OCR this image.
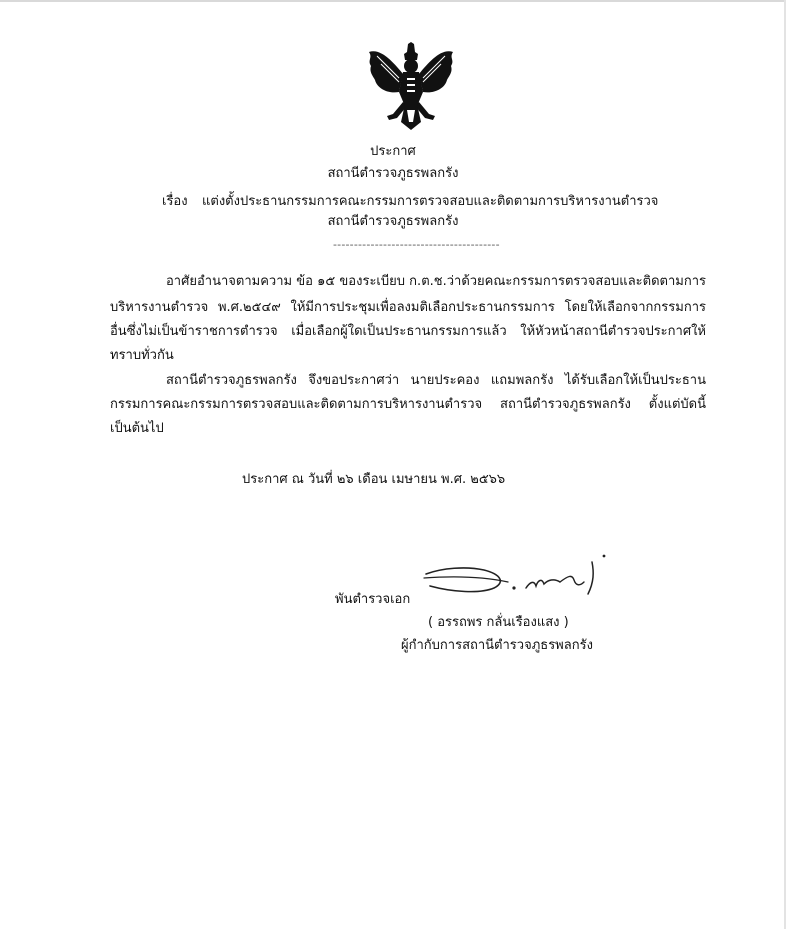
ประกาศ
สถานีตำรวจภูธรพลกรัง
เรื่อง แต่งตั้งประธานกรรมการคณะกรรมการตรวจสอบและติดตามการบริหารงานตำรวจ
สถานีตำรวจภูธรพลกรัง
----------------------------------------
อาศัยอำนาจตามความ ข้อ ๑๕ ของระเบียบ ก.ต.ช.ว่าด้วยคณะกรรมการตรวจสอบและติดตามการ
บริหารงานตำรวจ พ.ศ.๒๕๔๙ ให้มีการประชุมเพื่อลงมติเลือกประธานกรรมการ โดยให้เลือกจากกรรมการ
อื่นซึ่งไม่เป็นข้าราชการตำรวจ เมื่อเลือกผู้ใดเป็นประธานกรรมการแล้ว ให้หัวหน้าสถานีตำรวจประกาศให้
ทราบทั่วกัน
สถานีตำรวจภูธรพลกรัง จึงขอประกาศว่า นายประคอง แถมพลกรัง ได้รับเลือกให้เป็นประธาน
กรรมการคณะกรรมการตรวจสอบและติดตามการบริหารงานตำรวจ สถานีตำรวจภูธรพลกรัง ตั้งแต่บัดนี้
เป็นต้นไป
ประกาศ ณ วันที่ ๒๖ เดือน เมษายน พ.ศ. ๒๕๖๖
พันตำรวจเอก
( อรรถพร กลั่นเรืองแสง )
ผู้กำกับการสถานีตำรวจภูธรพลกรัง
